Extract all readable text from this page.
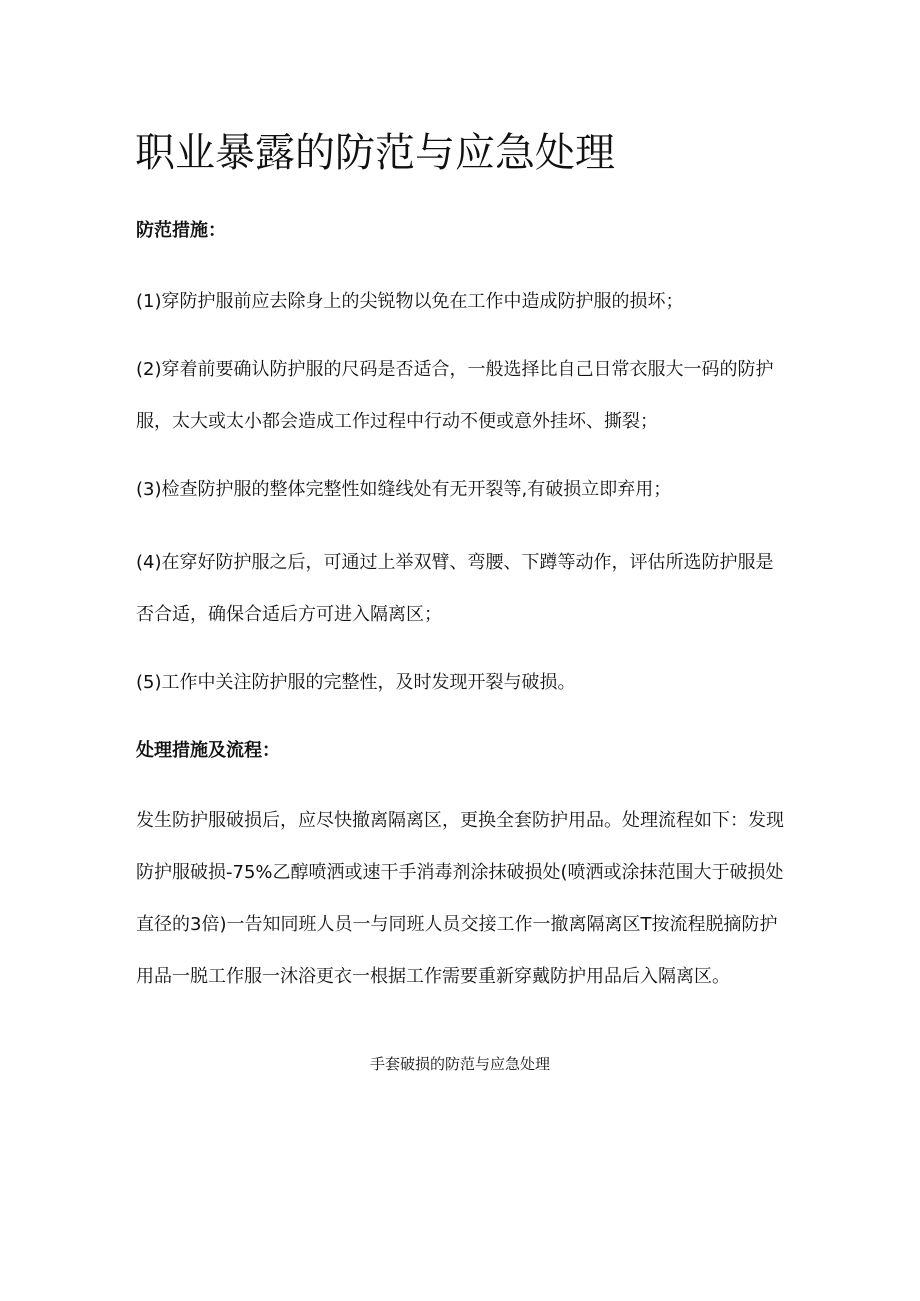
职业暴露的防范与应急处理
防范措施：

(1)穿防护服前应去除身上的尖锐物以免在工作中造成防护服的损坏；

(2)穿着前要确认防护服的尺码是否适合，一般选择比自己日常衣服大一码的防护服，太大或太小都会造成工作过程中行动不便或意外挂坏、撕裂；

(3)检查防护服的整体完整性如缝线处有无开裂等,有破损立即弃用；

(4)在穿好防护服之后，可通过上举双臂、弯腰、下蹲等动作，评估所选防护服是否合适，确保合适后方可进入隔离区；

(5)工作中关注防护服的完整性，及时发现开裂与破损。

处理措施及流程：

发生防护服破损后，应尽快撤离隔离区，更换全套防护用品。处理流程如下：发现防护服破损-75%乙醇喷洒或速干手消毒剂涂抹破损处(喷洒或涂抹范围大于破损处直径的3倍)一告知同班人员一与同班人员交接工作一撤离隔离区T按流程脱摘防护用品一脱工作服一沐浴更衣一根据工作需要重新穿戴防护用品后入隔离区。

手套破损的防范与应急处理
